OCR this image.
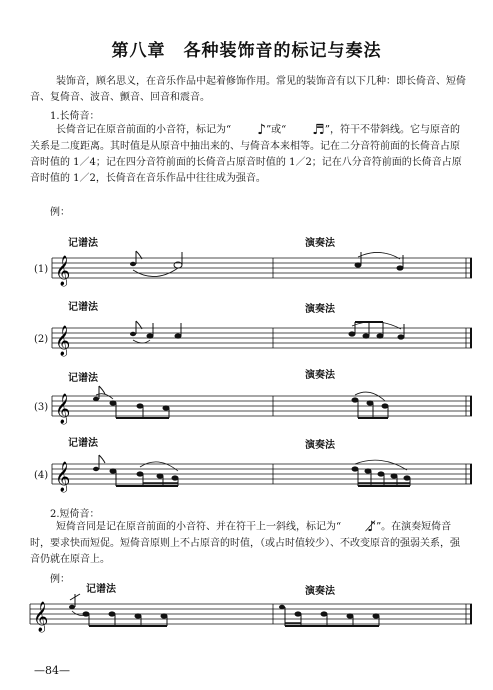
第八章　各种装饰音的标记与奏法

装饰音，顾名思义，在音乐作品中起着修饰作用。常见的装饰音有以下几种：即长倚音、短倚音、复倚音、波音、颤音、回音和震音。

1.长倚音：

长倚音记在原音前面的小音符，标记为“ ♪”或“ ♬”，符干不带斜线。它与原音的关系是二度距离。其时值是从原音中抽出来的、与倚音本来相等。记在二分音符前面的长倚音占原音时值的 1／4；记在四分音符前面的长倚音占原音时值的 1／2；记在八分音符前面的长倚音占原音时值的 1／2，长倚音在音乐作品中往往成为强音。

例：
记谱法	演奏法
(1) 𝄞
记谱法	演奏法
(2) 𝄞
记谱法	演奏法
(3) 𝄞
记谱法	演奏法
(4) 𝄞
2.短倚音：

短倚音同是记在原音前面的小音符、并在符干上一斜线，标记为“ ♪̸”。在演奏短倚音时，要求快而短促。短倚音原则上不占原音的时值，（或占时值较少）、不改变原音的强弱关系，强音仍就在原音上。

例：
记谱法	演奏法
𝄞
—84—
